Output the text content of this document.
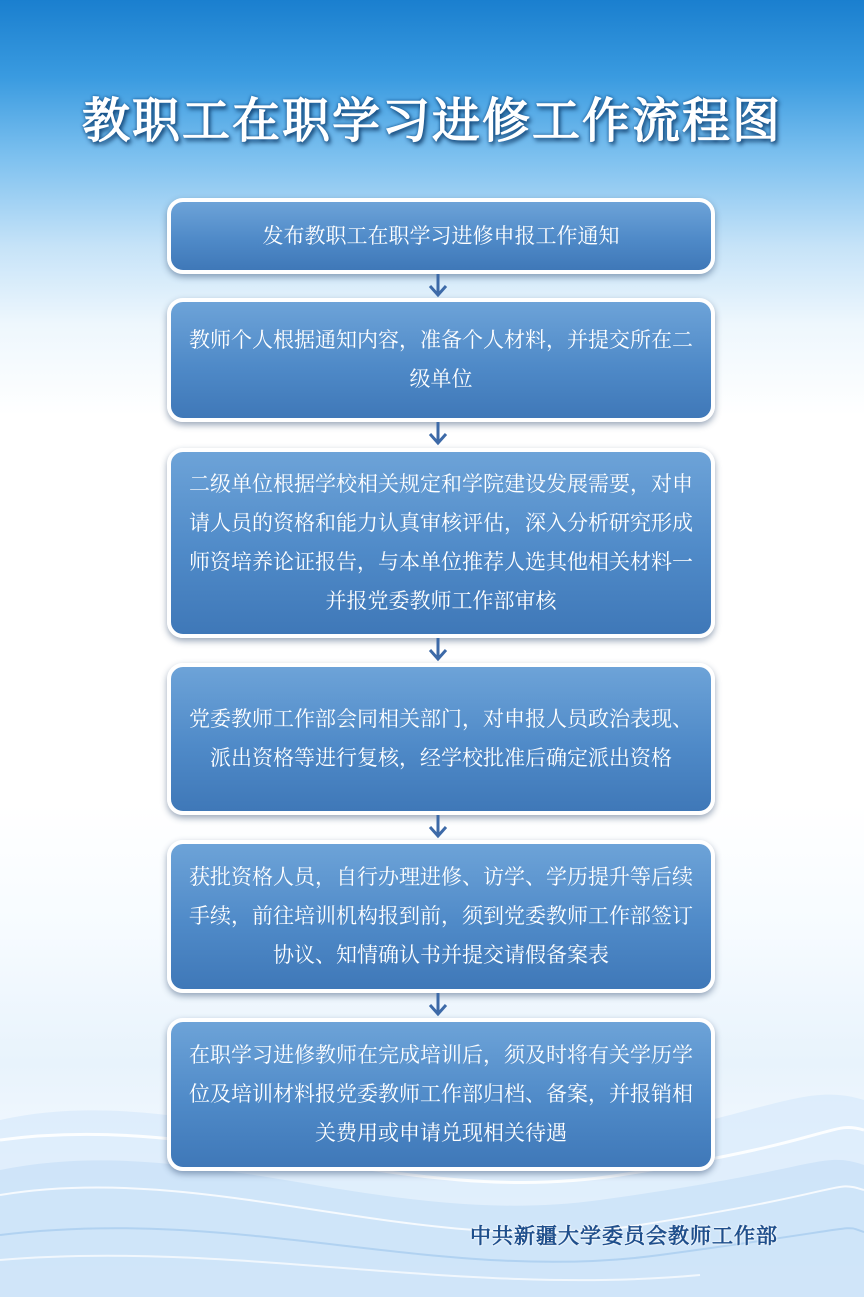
教职工在职学习进修工作流程图
发布教职工在职学习进修申报工作通知
教师个人根据通知内容，准备个人材料，并提交所在二级单位
二级单位根据学校相关规定和学院建设发展需要，对申请人员的资格和能力认真审核评估，深入分析研究形成师资培养论证报告，与本单位推荐人选其他相关材料一并报党委教师工作部审核
党委教师工作部会同相关部门，对申报人员政治表现、派出资格等进行复核，经学校批准后确定派出资格
获批资格人员，自行办理进修、访学、学历提升等后续手续，前往培训机构报到前，须到党委教师工作部签订协议、知情确认书并提交请假备案表
在职学习进修教师在完成培训后，须及时将有关学历学位及培训材料报党委教师工作部归档、备案，并报销相关费用或申请兑现相关待遇
中共新疆大学委员会教师工作部
